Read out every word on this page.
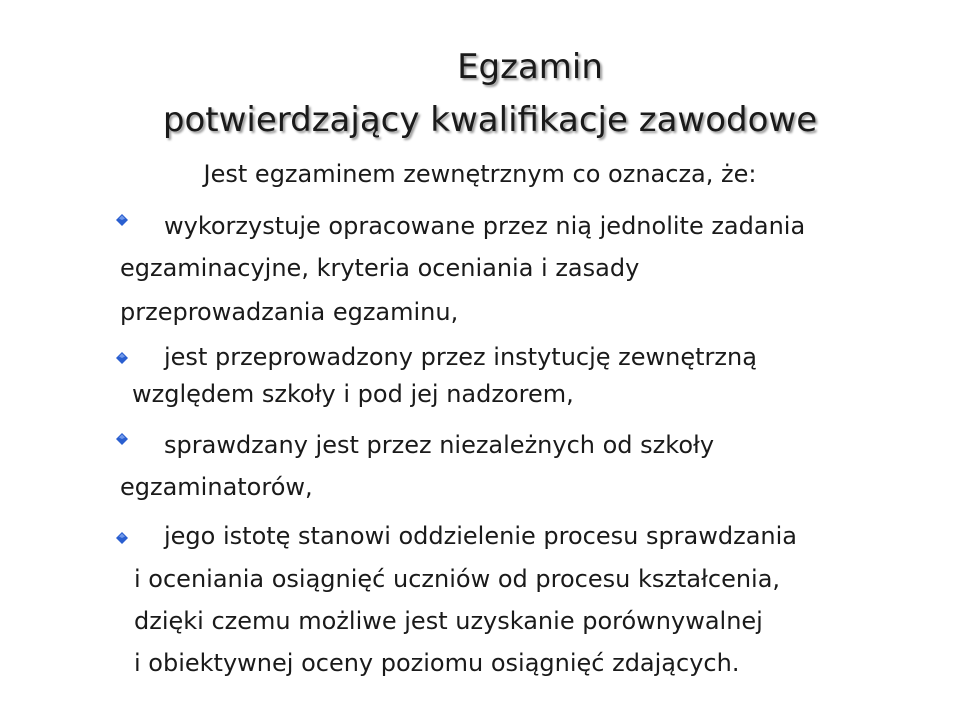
Egzamin
potwierdzający kwalifikacje zawodowe
Jest egzaminem zewnętrznym co oznacza, że:
wykorzystuje opracowane przez nią jednolite zadania
egzaminacyjne, kryteria oceniania i zasady
przeprowadzania egzaminu,
jest przeprowadzony przez instytucję zewnętrzną
względem szkoły i pod jej nadzorem,
sprawdzany jest przez niezależnych od szkoły
egzaminatorów,
jego istotę stanowi oddzielenie procesu sprawdzania
i oceniania osiągnięć uczniów od procesu kształcenia,
dzięki czemu możliwe jest uzyskanie porównywalnej
i obiektywnej oceny poziomu osiągnięć zdających.
